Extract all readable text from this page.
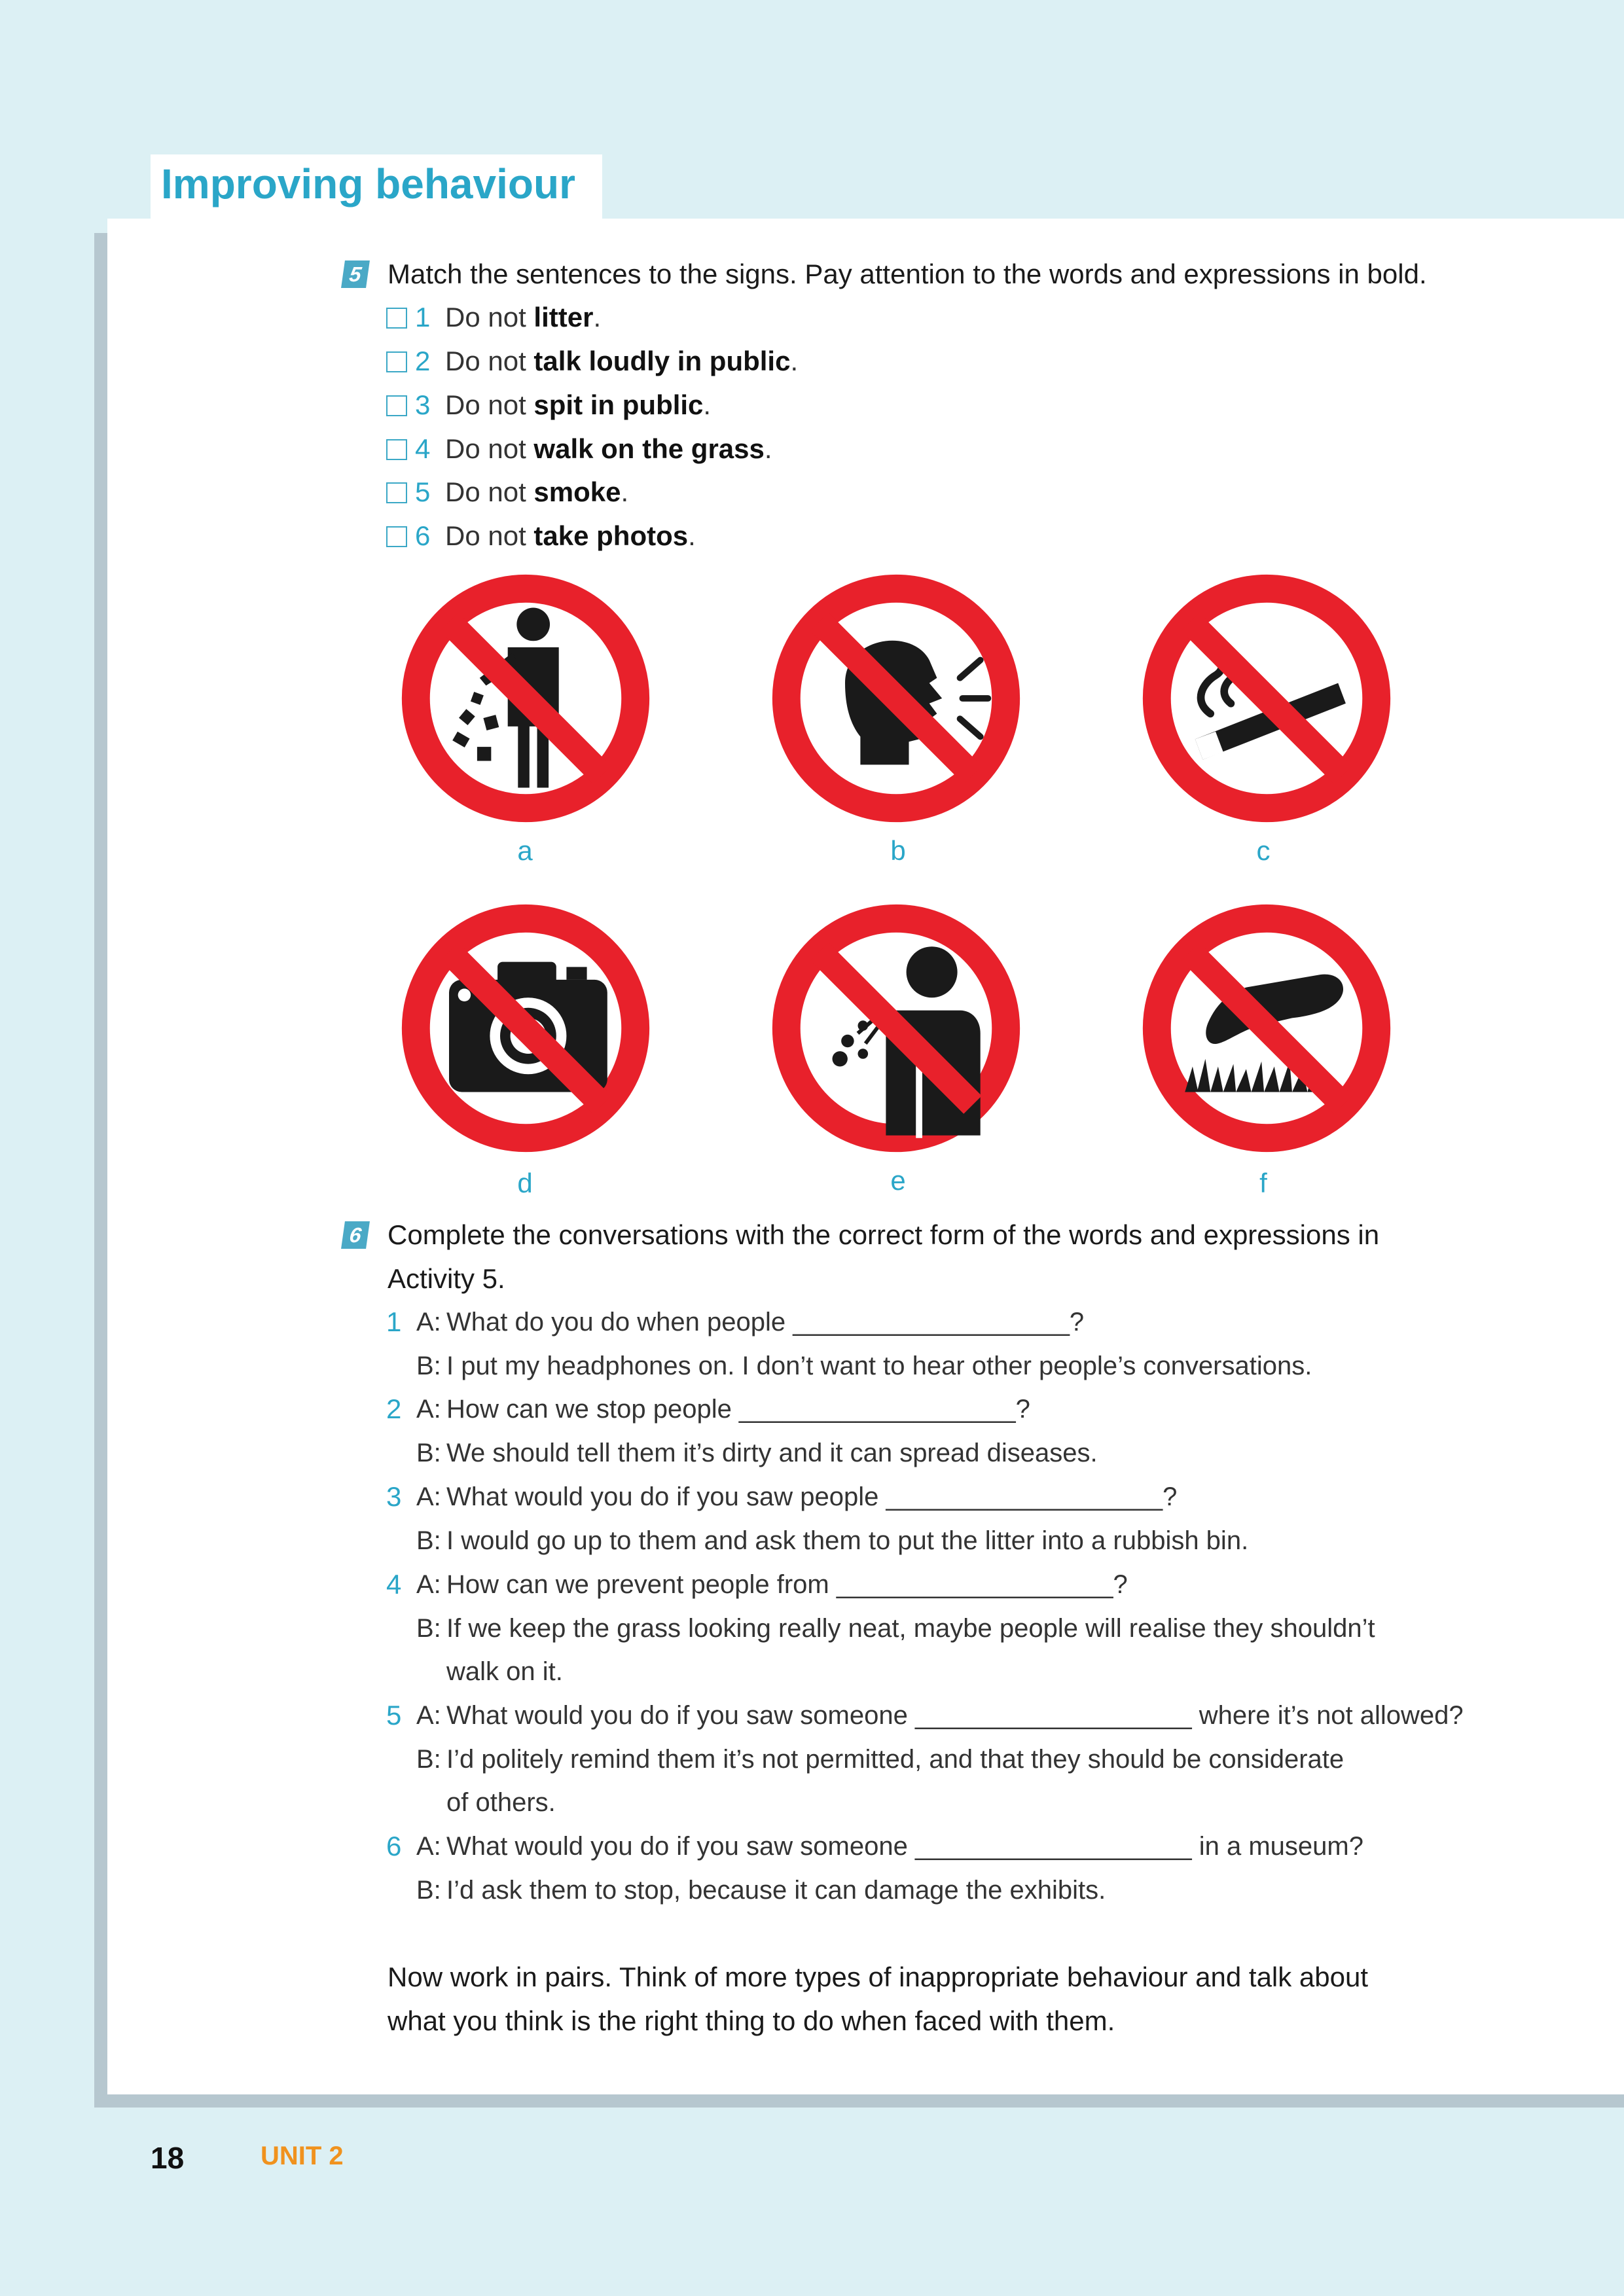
Improving behaviour
5 Match the sentences to the signs. Pay attention to the words and expressions in bold.
1 Do not litter.
2 Do not talk loudly in public.
3 Do not spit in public.
4 Do not walk on the grass.
5 Do not smoke.
6 Do not take photos.
a	b	c
d	e	f
6 Complete the conversations with the correct form of the words and expressions in
Activity 5.
1 A: What do you do when people ___________________?
B: I put my headphones on. I don’t want to hear other people’s conversations.
2 A: How can we stop people ___________________?
B: We should tell them it’s dirty and it can spread diseases.
3 A: What would you do if you saw people ___________________?
B: I would go up to them and ask them to put the litter into a rubbish bin.
4 A: How can we prevent people from ___________________?
B: If we keep the grass looking really neat, maybe people will realise they shouldn’t
walk on it.
5 A: What would you do if you saw someone ___________________ where it’s not allowed?
B: I’d politely remind them it’s not permitted, and that they should be considerate
of others.
6 A: What would you do if you saw someone ___________________ in a museum?
B: I’d ask them to stop, because it can damage the exhibits.
Now work in pairs. Think of more types of inappropriate behaviour and talk about
what you think is the right thing to do when faced with them.
18	UNIT 2
